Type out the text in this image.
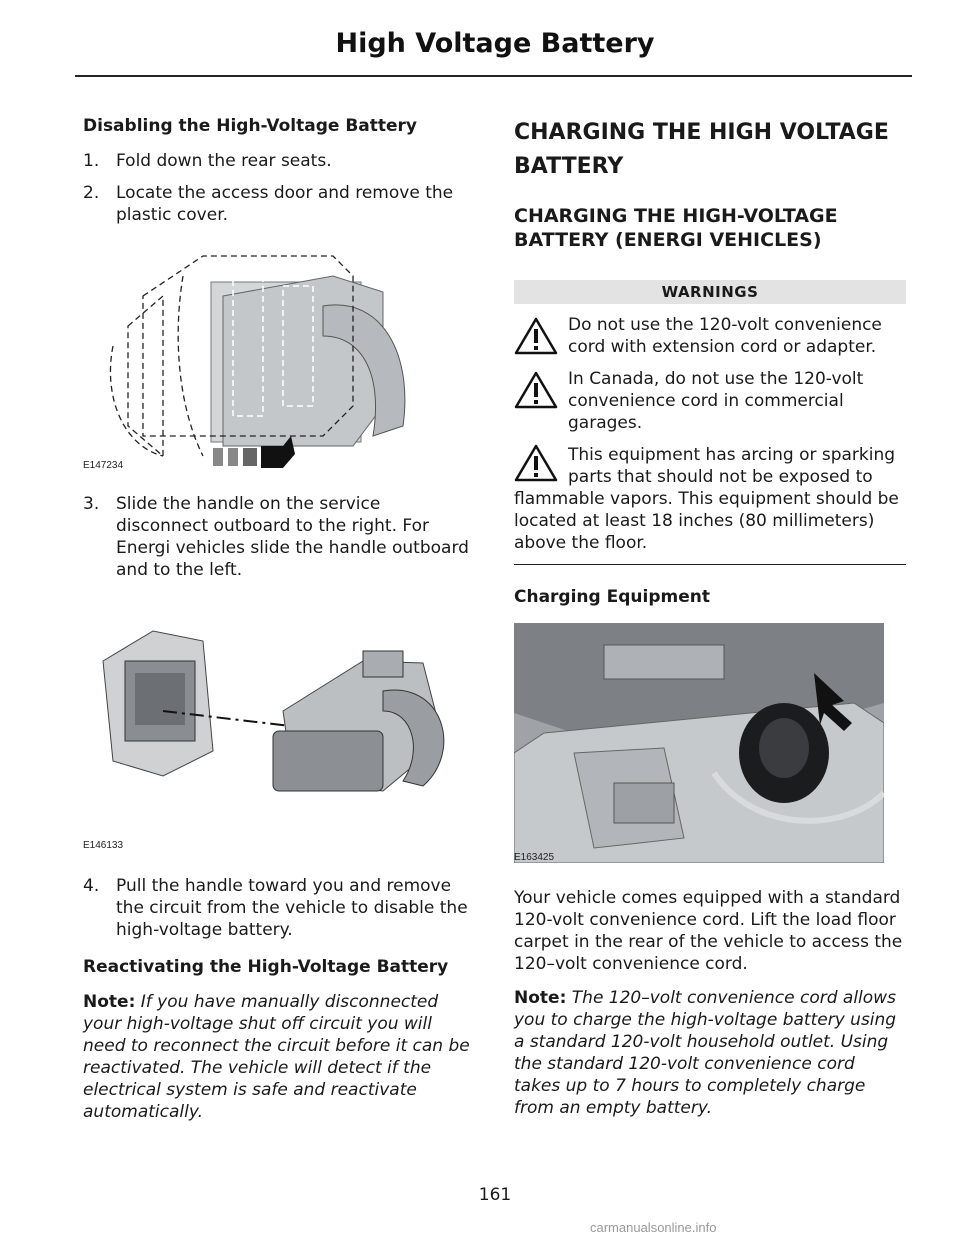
High Voltage Battery
Disabling the High-Voltage Battery
1. Fold down the rear seats.
2. Locate the access door and remove the plastic cover.
E147234
3. Slide the handle on the service disconnect outboard to the right. For Energi vehicles slide the handle outboard and to the left.
E146133
4. Pull the handle toward you and remove the circuit from the vehicle to disable the high-voltage battery.
Reactivating the High-Voltage Battery
Note: If you have manually disconnected your high-voltage shut off circuit you will need to reconnect the circuit before it can be reactivated. The vehicle will detect if the electrical system is safe and reactivate automatically.
CHARGING THE HIGH VOLTAGE BATTERY
CHARGING THE HIGH-VOLTAGE BATTERY (ENERGI VEHICLES)
WARNINGS
Do not use the 120-volt convenience cord with extension cord or adapter.
In Canada, do not use the 120-volt convenience cord in commercial garages.
This equipment has arcing or sparking parts that should not be exposed to flammable vapors. This equipment should be located at least 18 inches (80 millimeters) above the floor.
Charging Equipment
E163425
Your vehicle comes equipped with a standard 120-volt convenience cord. Lift the load floor carpet in the rear of the vehicle to access the 120–volt convenience cord.
Note: The 120–volt convenience cord allows you to charge the high-voltage battery using a standard 120-volt household outlet. Using the standard 120-volt convenience cord takes up to 7 hours to completely charge from an empty battery.
161
carmanualsonline.info
